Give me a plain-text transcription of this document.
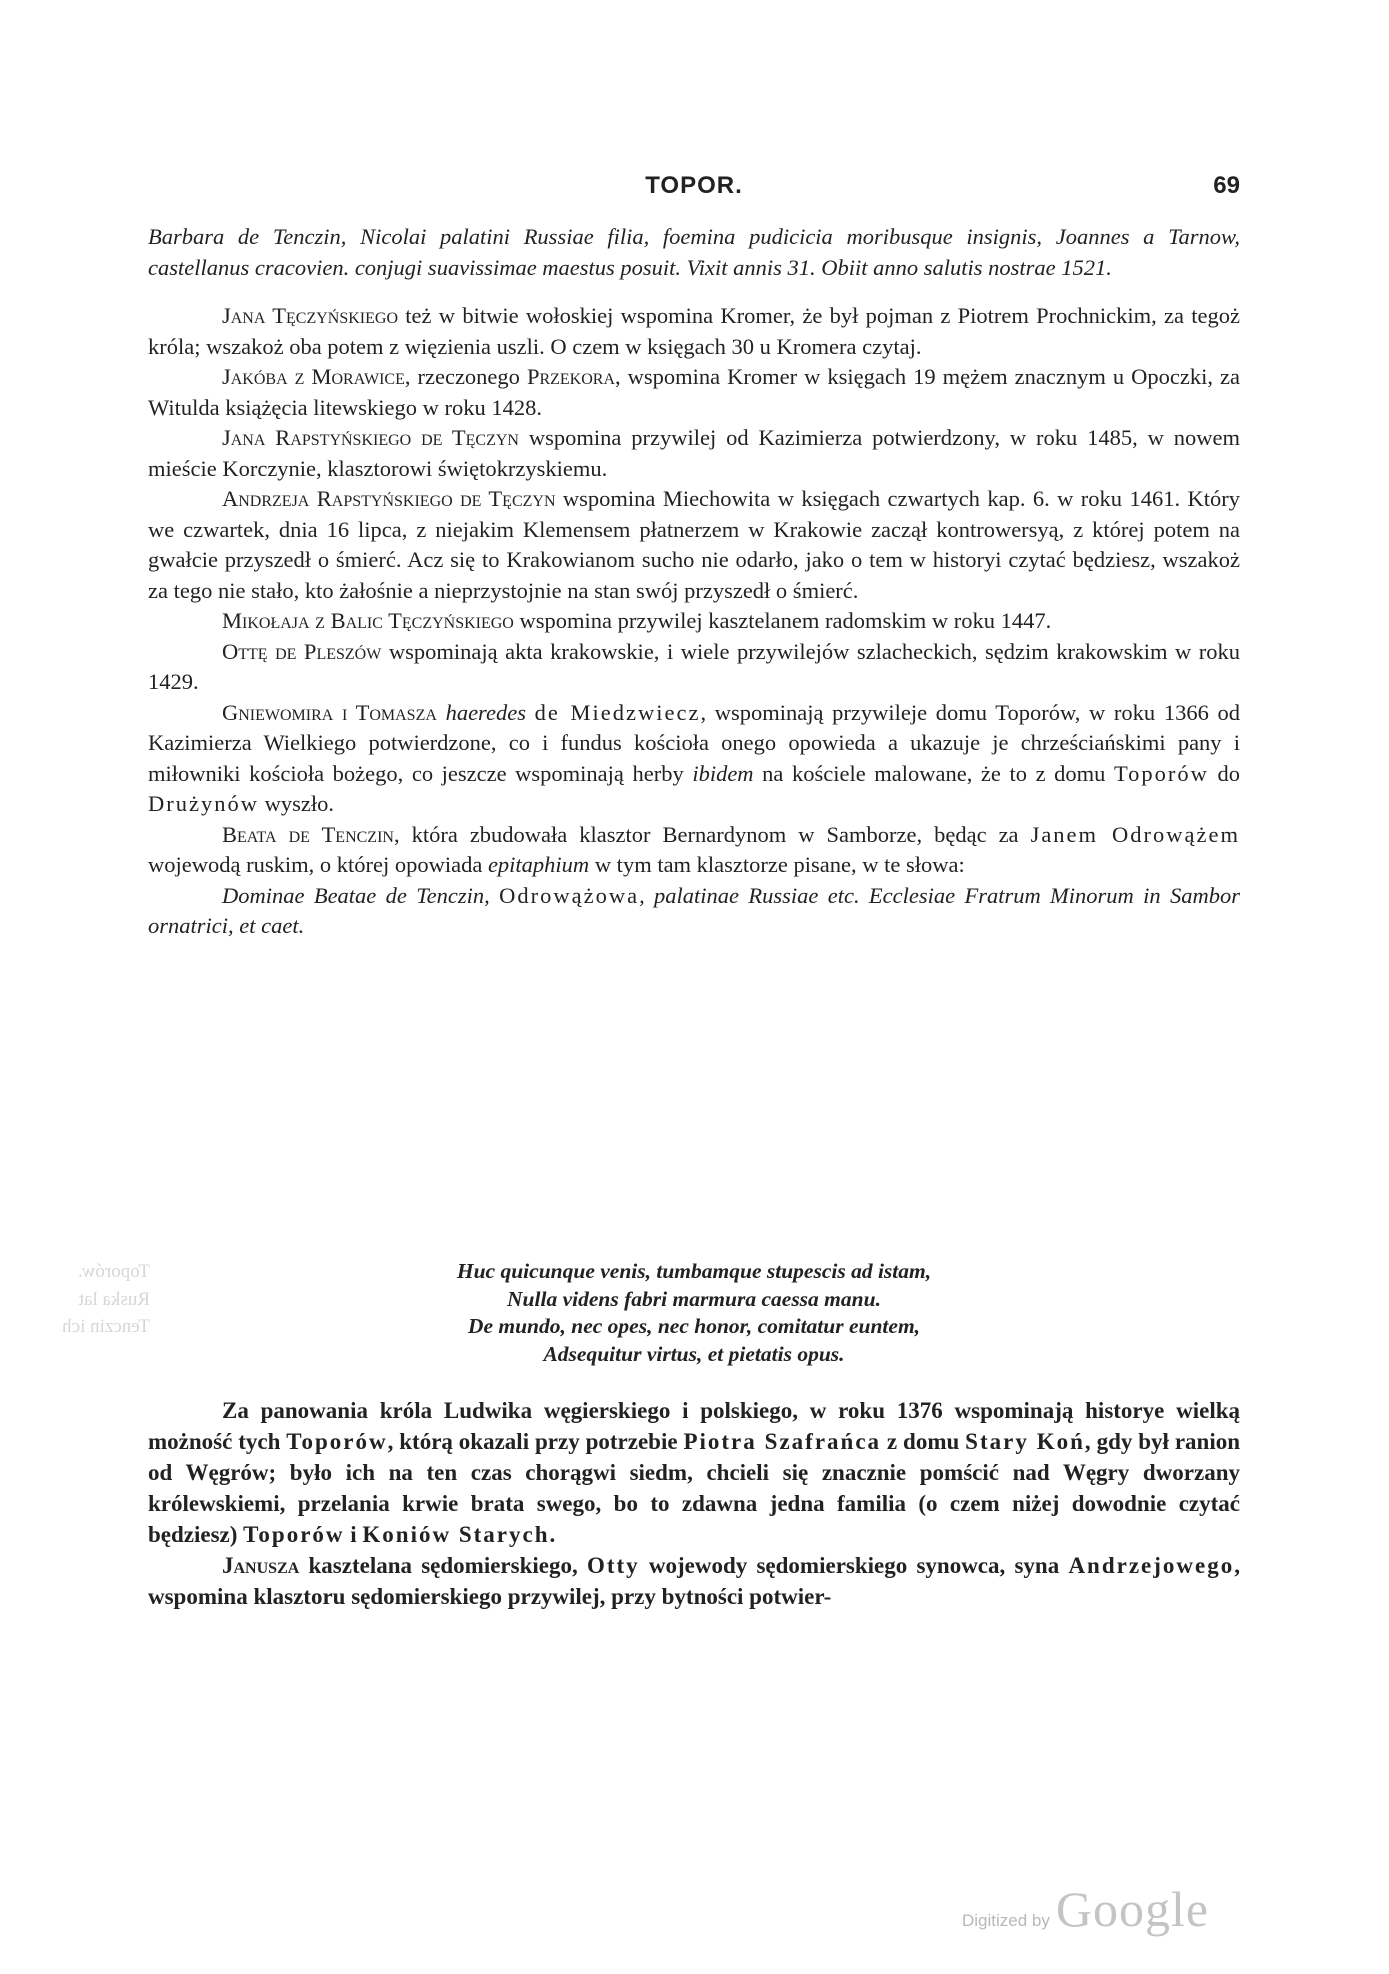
TOPOR.	69

Barbara de Tenczin, Nicolai palatini Russiae filia, foemina pudicicia moribusque insignis, Joannes a Tarnow, castellanus cracovien. conjugi suavissimae maestus posuit. Vixit annis 31. Obiit anno salutis nostrae 1521.

Jana Tęczyńskiego też w bitwie wołoskiej wspomina Kromer, że był pojman z Piotrem Prochnickim, za tegoż króla; wszakoż oba potem z więzienia uszli. O czem w księgach 30 u Kromera czytaj.

Jakóba z Morawice, rzeczonego Przekora, wspomina Kromer w księgach 19 mężem znacznym u Opoczki, za Witulda książęcia litewskiego w roku 1428.

Jana Rapstyńskiego de Tęczyn wspomina przywilej od Kazimierza potwierdzony, w roku 1485, w nowem mieście Korczynie, klasztorowi świętokrzyskiemu.

Andrzeja Rapstyńskiego de Tęczyn wspomina Miechowita w księgach czwartych kap. 6. w roku 1461. Który we czwartek, dnia 16 lipca, z niejakim Klemensem płatnerzem w Krakowie zaczął kontrowersyą, z której potem na gwałcie przyszedł o śmierć. Acz się to Krakowianom sucho nie odarło, jako o tem w historyi czytać będziesz, wszakoż za tego nie stało, kto żałośnie a nieprzystojnie na stan swój przyszedł o śmierć.

Mikołaja z Balic Tęczyńskiego wspomina przywilej kasztelanem radomskim w roku 1447.

Ottę de Pleszów wspominają akta krakowskie, i wiele przywilejów szlacheckich, sędzim krakowskim w roku 1429.

Gniewomira i Tomasza haeredes de Miedzwiecz, wspominają przywileje domu Toporów, w roku 1366 od Kazimierza Wielkiego potwierdzone, co i fundus kościoła onego opowieda a ukazuje je chrześciańskimi pany i miłowniki kościoła bożego, co jeszcze wspominają herby ibidem na kościele malowane, że to z domu Toporów do Drużynów wyszło.

Beata de Tenczin, która zbudowała klasztor Bernardynom w Samborze, będąc za Janem Odrowążem wojewodą ruskim, o której opowiada epitaphium w tym tam klasztorze pisane, w te słowa:

Dominae Beatae de Tenczin, Odrowążowa, palatinae Russiae etc. Ecclesiae Fratrum Minorum in Sambor ornatrici, et caet.

Toporów.
Ruska lat
Tenczin ich
Huc quicunque venis, tumbamque stupescis ad istam,
Nulla videns fabri marmura caessa manu.
De mundo, nec opes, nec honor, comitatur euntem,
Adsequitur virtus, et pietatis opus.

Za panowania króla Ludwika węgierskiego i polskiego, w roku 1376 wspominają historye wielką możność tych Toporów, którą okazali przy potrzebie Piotra Szafrańca z domu Stary Koń, gdy był ranion od Węgrów; było ich na ten czas chorągwi siedm, chcieli się znacznie pomścić nad Węgry dworzany królewskiemi, przelania krwie brata swego, bo to zdawna jedna familia (o czem niżej dowodnie czytać będziesz) Toporów i Koniów Starych.

Janusza kasztelana sędomierskiego, Otty wojewody sędomierskiego synowca, syna Andrzejowego, wspomina klasztoru sędomierskiego przywilej, przy bytności potwier-

Digitized by Google
